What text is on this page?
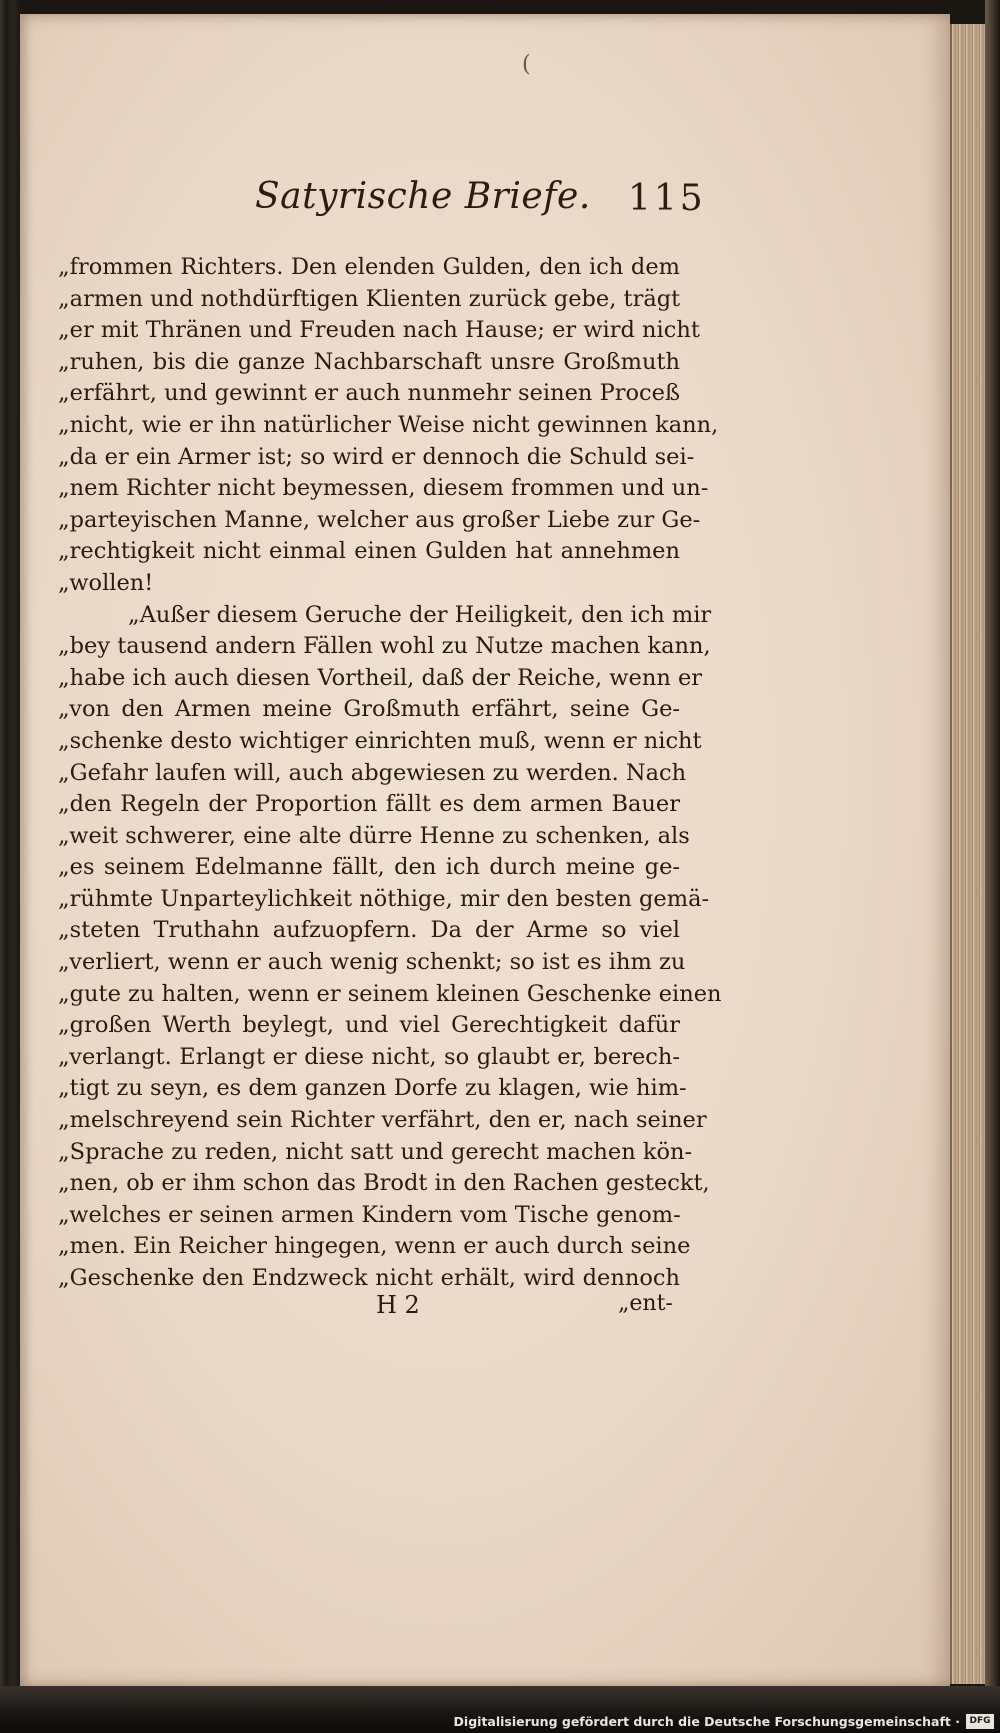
(
Satyrische Briefe. 115
„frommen Richters. Den elenden Gulden, den ich dem
„armen und nothdürftigen Klienten zurück gebe, trägt
„er mit Thränen und Freuden nach Hause; er wird nicht
„ruhen, bis die ganze Nachbarschaft unsre Großmuth
„erfährt, und gewinnt er auch nunmehr seinen Proceß
„nicht, wie er ihn natürlicher Weise nicht gewinnen kann,
„da er ein Armer ist; so wird er dennoch die Schuld sei-
„nem Richter nicht beymessen, diesem frommen und un-
„parteyischen Manne, welcher aus großer Liebe zur Ge-
„rechtigkeit nicht einmal einen Gulden hat annehmen
„wollen!
„Außer diesem Geruche der Heiligkeit, den ich mir
„bey tausend andern Fällen wohl zu Nutze machen kann,
„habe ich auch diesen Vortheil, daß der Reiche, wenn er
„von den Armen meine Großmuth erfährt, seine Ge-
„schenke desto wichtiger einrichten muß, wenn er nicht
„Gefahr laufen will, auch abgewiesen zu werden. Nach
„den Regeln der Proportion fällt es dem armen Bauer
„weit schwerer, eine alte dürre Henne zu schenken, als
„es seinem Edelmanne fällt, den ich durch meine ge-
„rühmte Unparteylichkeit nöthige, mir den besten gemä-
„steten Truthahn aufzuopfern. Da der Arme so viel
„verliert, wenn er auch wenig schenkt; so ist es ihm zu
„gute zu halten, wenn er seinem kleinen Geschenke einen
„großen Werth beylegt, und viel Gerechtigkeit dafür
„verlangt. Erlangt er diese nicht, so glaubt er, berech-
„tigt zu seyn, es dem ganzen Dorfe zu klagen, wie him-
„melschreyend sein Richter verfährt, den er, nach seiner
„Sprache zu reden, nicht satt und gerecht machen kön-
„nen, ob er ihm schon das Brodt in den Rachen gesteckt,
„welches er seinen armen Kindern vom Tische genom-
„men. Ein Reicher hingegen, wenn er auch durch seine
„Geschenke den Endzweck nicht erhält, wird dennoch
H 2	„ent-
Digitalisierung gefördert durch die Deutsche Forschungsgemeinschaft ·	DFG
